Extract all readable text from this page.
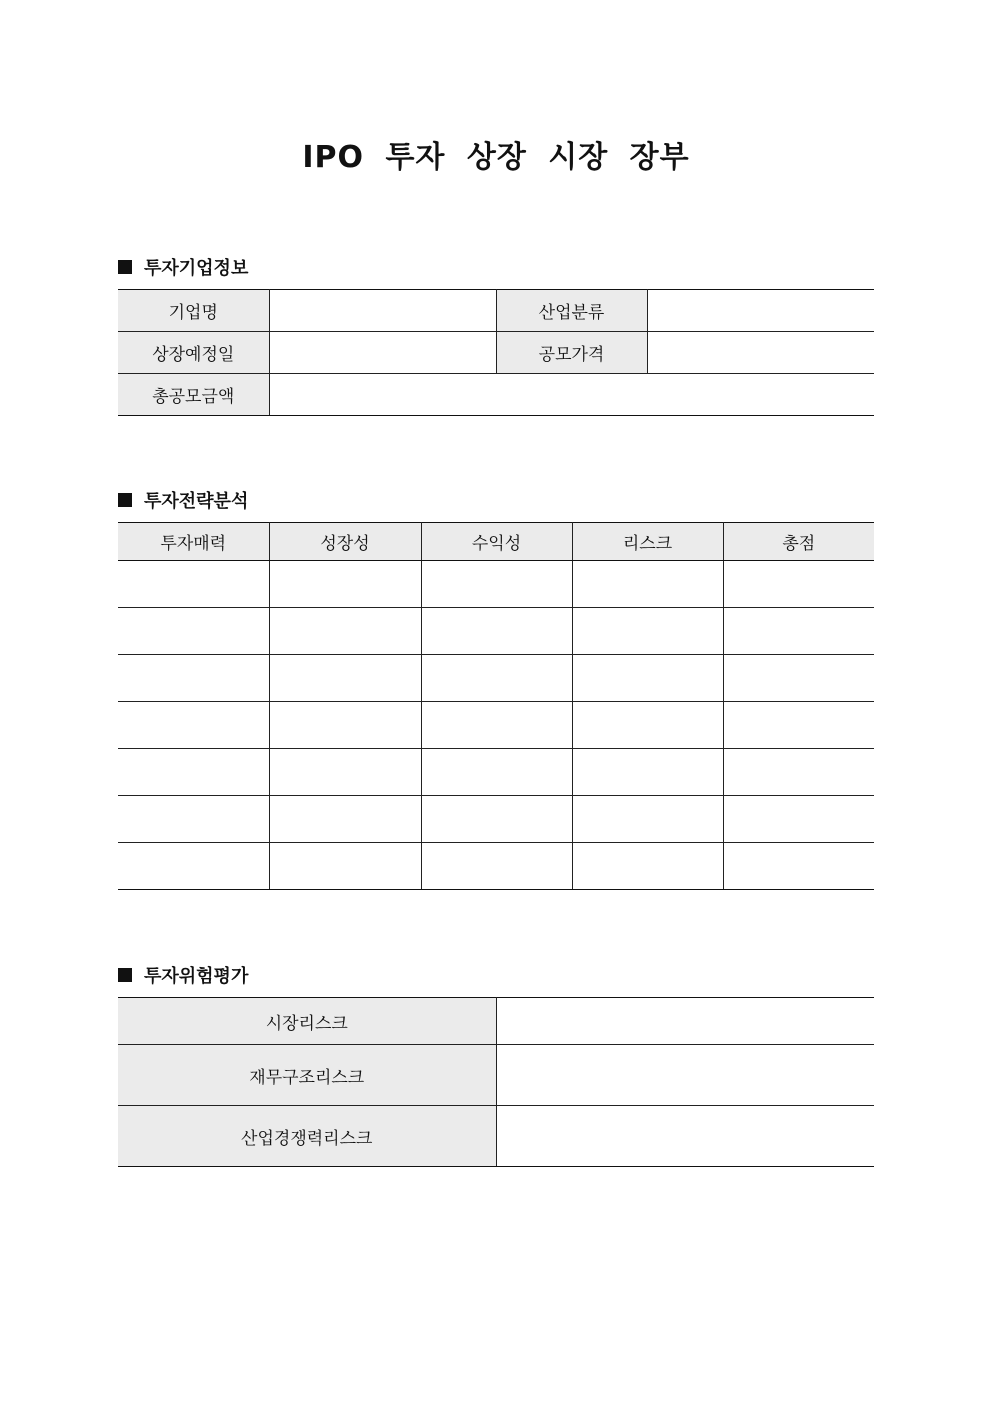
IPO 투자 상장 시장 장부
투자기업정보
기업명		산업분류	
상장예정일		공모가격	
총공모금액			
투자전략분석
투자매력	성장성	수익성	리스크	총점

투자위험평가
시장리스크	
재무구조리스크	
산업경쟁력리스크	
